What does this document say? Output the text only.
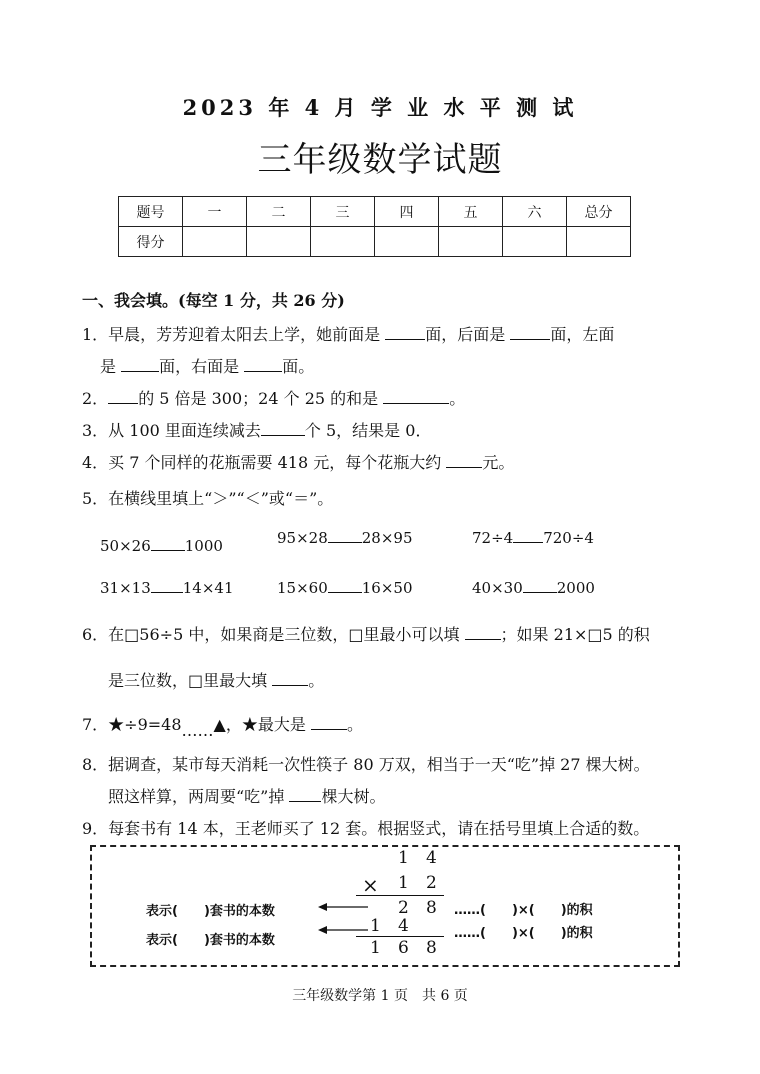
2023 年 4 月 学 业 水 平 测 试
三年级数学试题
题号	一	二	三	四	五	六	总分
得分							
一、我会填。(每空 1 分，共 26 分)
1．早晨，芳芳迎着太阳去上学，她前面是	面，后面是	面，左面
是	面，右面是	面。
2． 的 5 倍是 300；24 个 25 的和是	。
3．从 100 里面连续减去	个 5，结果是 0．
4．买 7 个同样的花瓶需要 418 元，每个花瓶大约	元。
5．在横线里填上“＞”“＜”或“＝”。
50×26 1000	95×28 28×95	72÷4 720÷4
31×13 14×41	15×60 16×50	40×30 2000
6．在□56÷5 中，如果商是三位数，□里最小可以填	；如果 21×□5 的积
是三位数，□里最大填	。
7．★÷9=48……▲，★最大是	。
8．据调查，某市每天消耗一次性筷子 80 万双，相当于一天“吃”掉 27 棵大树。
照这样算，两周要“吃”掉 棵大树。
9．每套书有 14 本，王老师买了 12 套。根据竖式，请在括号里填上合适的数。
1 4
× 1 2
2 8
1 4
1 6 8
表示(　　)套书的本数
表示(　　)套书的本数
……(　　)×(　　)的积
……(　　)×(　　)的积
三年级数学第 1 页　共 6 页
